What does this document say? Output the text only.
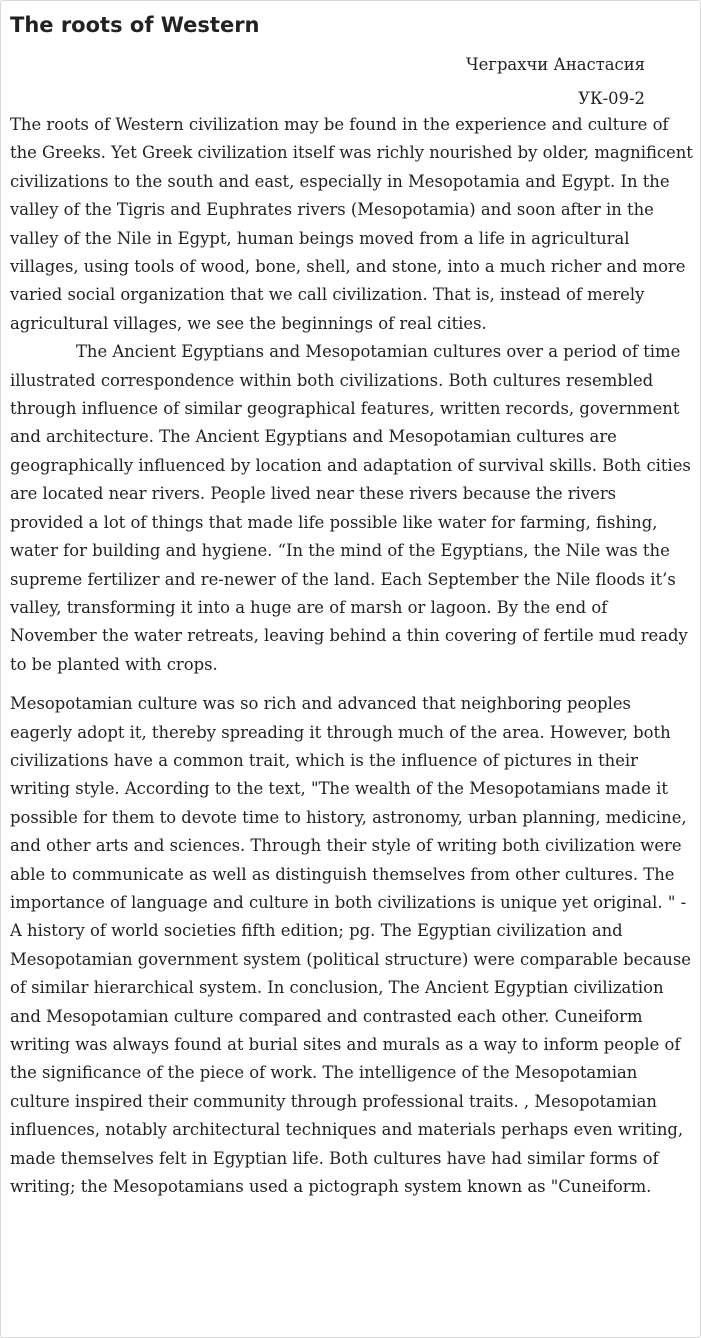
The roots of Western
Чеграхчи Анастасия
УК-09-2

The roots of Western civilization may be found in the experience and culture of the Greeks. Yet Greek civilization itself was richly nourished by older, magnificent civilizations to the south and east, especially in Mesopotamia and Egypt. In the valley of the Tigris and Euphrates rivers (Mesopotamia) and soon after in the valley of the Nile in Egypt, human beings moved from a life in agricultural villages, using tools of wood, bone, shell, and stone, into a much richer and more varied social organization that we call civilization. That is, instead of merely agricultural villages, we see the beginnings of real cities.

The Ancient Egyptians and Mesopotamian cultures over a period of time illustrated correspondence within both civilizations. Both cultures resembled through influence of similar geographical features, written records, government and architecture. The Ancient Egyptians and Mesopotamian cultures are geographically influenced by location and adaptation of survival skills. Both cities are located near rivers. People lived near these rivers because the rivers provided a lot of things that made life possible like water for farming, fishing, water for building and hygiene. “In the mind of the Egyptians, the Nile was the supreme fertilizer and re-newer of the land. Each September the Nile floods it’s valley, transforming it into a huge are of marsh or lagoon. By the end of November the water retreats, leaving behind a thin covering of fertile mud ready to be planted with crops.

Mesopotamian culture was so rich and advanced that neighboring peoples eagerly adopt it, thereby spreading it through much of the area. However, both civilizations have a common trait, which is the influence of pictures in their writing style. According to the text, "The wealth of the Mesopotamians made it possible for them to devote time to history, astronomy, urban planning, medicine, and other arts and sciences. Through their style of writing both civilization were able to communicate as well as distinguish themselves from other cultures. The importance of language and culture in both civilizations is unique yet original. " -A history of world societies fifth edition; pg. The Egyptian civilization and Mesopotamian government system (political structure) were comparable because of similar hierarchical system. In conclusion, The Ancient Egyptian civilization and Mesopotamian culture compared and contrasted each other. Cuneiform writing was always found at burial sites and murals as a way to inform people of the significance of the piece of work. The intelligence of the Mesopotamian culture inspired their community through professional traits. , Mesopotamian influences, notably architectural techniques and materials perhaps even writing, made themselves felt in Egyptian life. Both cultures have had similar forms of writing; the Mesopotamians used a pictograph system known as "Cuneiform.
